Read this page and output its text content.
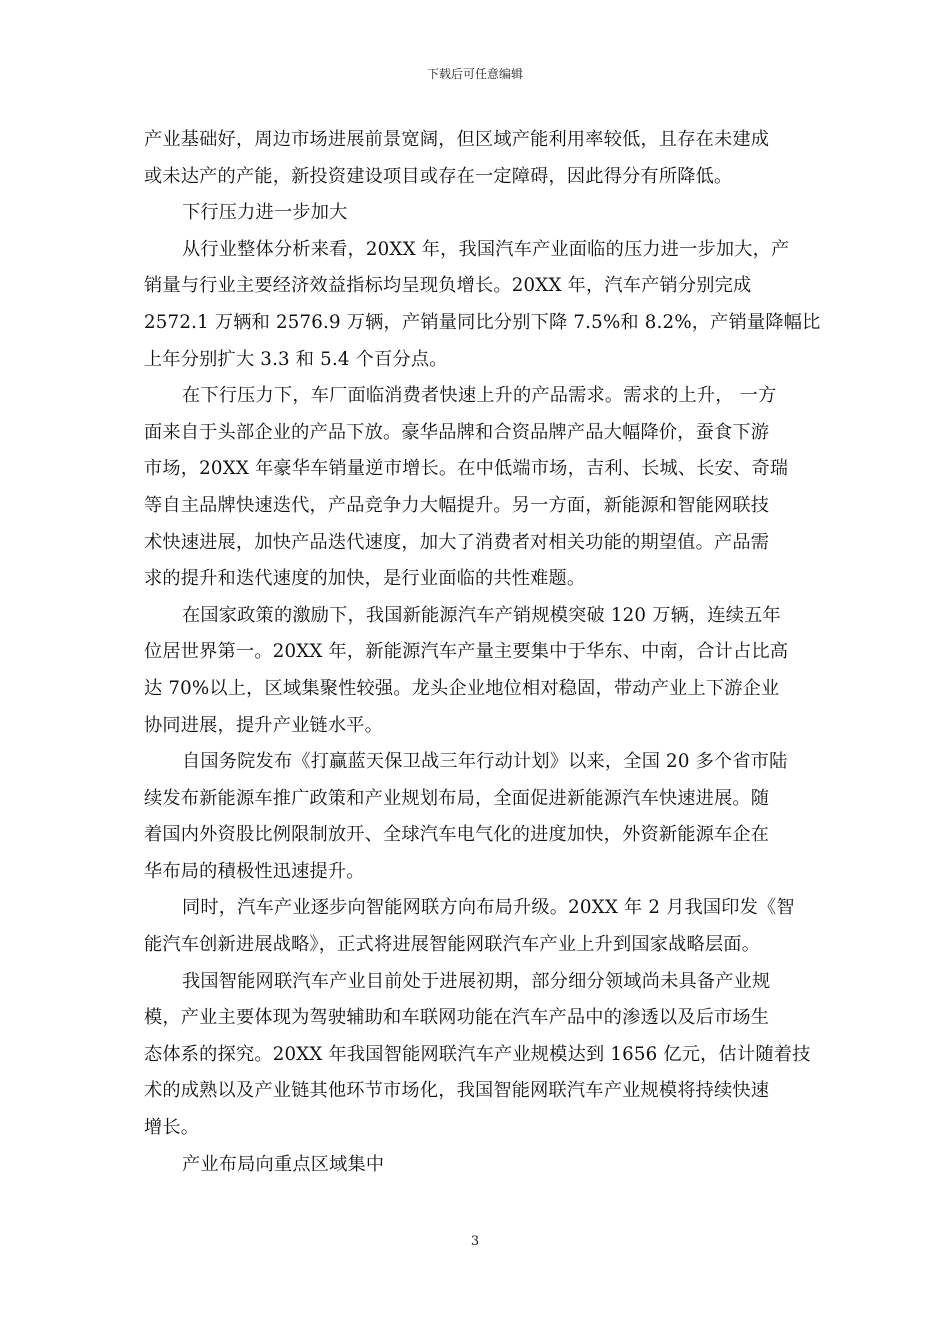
下载后可任意编辑
产业基础好，周边市场进展前景宽阔，但区域产能利用率较低，且存在未建成
或未达产的产能，新投资建设项目或存在一定障碍，因此得分有所降低。
下行压力进一步加大
从行业整体分析来看，20XX 年，我国汽车产业面临的压力进一步加大，产
销量与行业主要经济效益指标均呈现负增长。20XX 年，汽车产销分别完成
2572.1 万辆和 2576.9 万辆，产销量同比分别下降 7.5%和 8.2%，产销量降幅比
上年分别扩大 3.3 和 5.4 个百分点。
在下行压力下，车厂面临消费者快速上升的产品需求。需求的上升， 一方
面来自于头部企业的产品下放。豪华品牌和合资品牌产品大幅降价，蚕食下游
市场，20XX 年豪华车销量逆市增长。在中低端市场，吉利、长城、长安、奇瑞
等自主品牌快速迭代，产品竞争力大幅提升。另一方面，新能源和智能网联技
术快速进展，加快产品迭代速度，加大了消费者对相关功能的期望值。产品需
求的提升和迭代速度的加快，是行业面临的共性难题。
在国家政策的激励下，我国新能源汽车产销规模突破 120 万辆，连续五年
位居世界第一。20XX 年，新能源汽车产量主要集中于华东、中南，合计占比高
达 70%以上，区域集聚性较强。龙头企业地位相对稳固，带动产业上下游企业
协同进展，提升产业链水平。
自国务院发布《打赢蓝天保卫战三年行动计划》以来，全国 20 多个省市陆
续发布新能源车推广政策和产业规划布局，全面促进新能源汽车快速进展。随
着国内外资股比例限制放开、全球汽车电气化的进度加快，外资新能源车企在
华布局的積极性迅速提升。
同时，汽车产业逐步向智能网联方向布局升级。20XX 年 2 月我国印发《智
能汽车创新进展战略》，正式将进展智能网联汽车产业上升到国家战略层面。
我国智能网联汽车产业目前处于进展初期，部分细分领域尚未具备产业规
模，产业主要体现为驾驶辅助和车联网功能在汽车产品中的渗透以及后市场生
态体系的探究。20XX 年我国智能网联汽车产业规模达到 1656 亿元，估计随着技
术的成熟以及产业链其他环节市场化，我国智能网联汽车产业规模将持续快速
增长。
产业布局向重点区域集中
3
